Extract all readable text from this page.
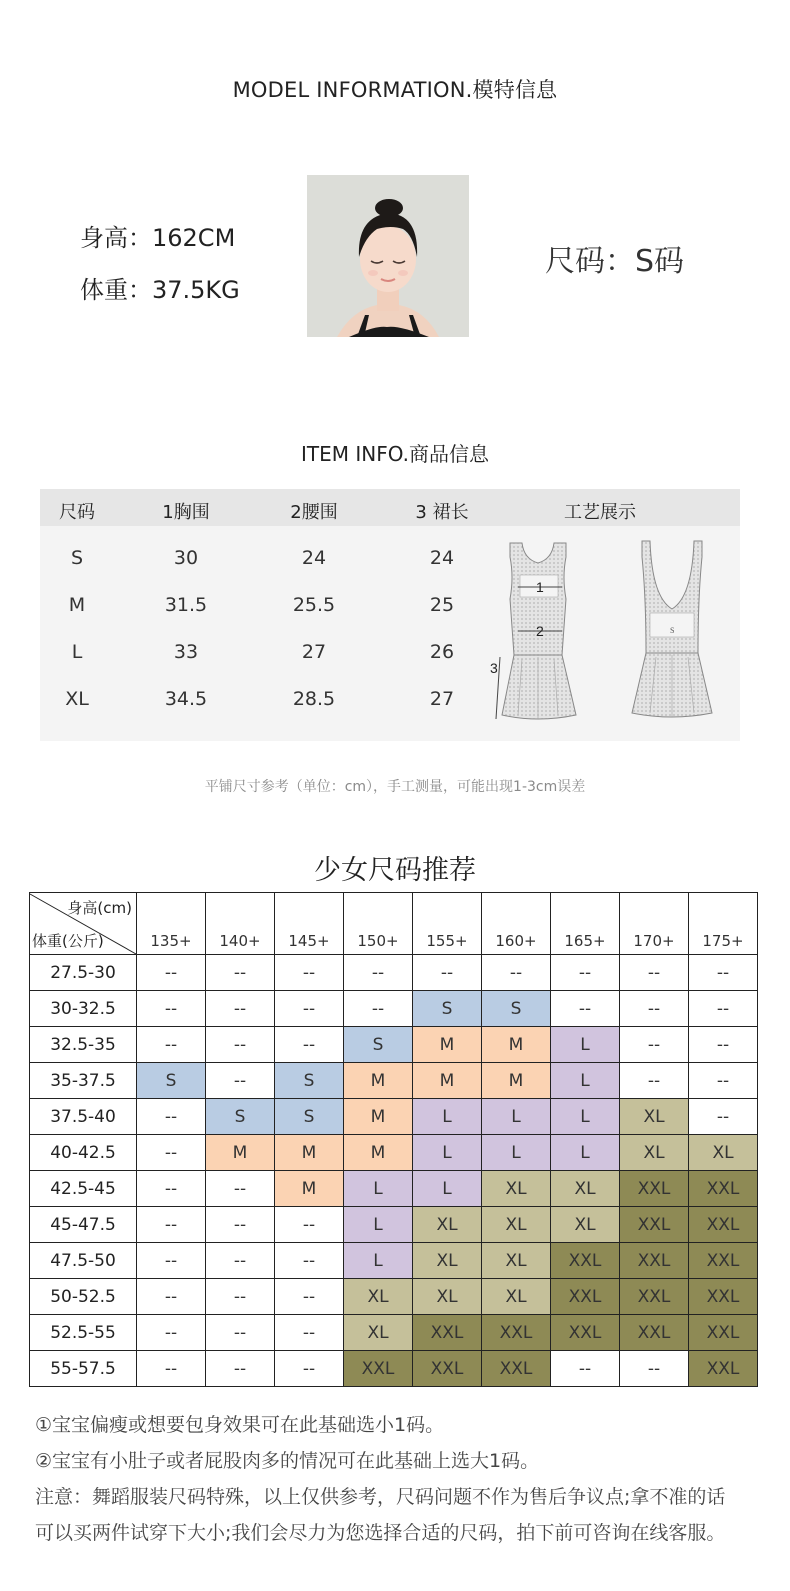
MODEL INFORMATION.模特信息
身高：162CM
体重：37.5KG
尺码：S码
ITEM INFO.商品信息
尺码	1胸围	2腰围	3 裙长	工艺展示
S	30	24	24
M	31.5	25.5	25
L	33	27	26
XL	34.5	28.5	27
1
2
3
S
平铺尺寸参考（单位：cm），手工测量，可能出现1-3cm误差
少女尺码推荐
身高(cm)
体重(公斤)	135+	140+	145+	150+	155+	160+	165+	170+	175+
27.5-30	--	--	--	--	--	--	--	--	--
30-32.5	--	--	--	--	S	S	--	--	--
32.5-35	--	--	--	S	M	M	L	--	--
35-37.5	S	--	S	M	M	M	L	--	--
37.5-40	--	S	S	M	L	L	L	XL	--
40-42.5	--	M	M	M	L	L	L	XL	XL
42.5-45	--	--	M	L	L	XL	XL	XXL	XXL
45-47.5	--	--	--	L	XL	XL	XL	XXL	XXL
47.5-50	--	--	--	L	XL	XL	XXL	XXL	XXL
50-52.5	--	--	--	XL	XL	XL	XXL	XXL	XXL
52.5-55	--	--	--	XL	XXL	XXL	XXL	XXL	XXL
55-57.5	--	--	--	XXL	XXL	XXL	--	--	XXL
①宝宝偏瘦或想要包身效果可在此基础选小1码。
②宝宝有小肚子或者屁股肉多的情况可在此基础上选大1码。
注意：舞蹈服装尺码特殊，以上仅供参考，尺码问题不作为售后争议点;拿不准的话
可以买两件试穿下大小;我们会尽力为您选择合适的尺码，拍下前可咨询在线客服。
